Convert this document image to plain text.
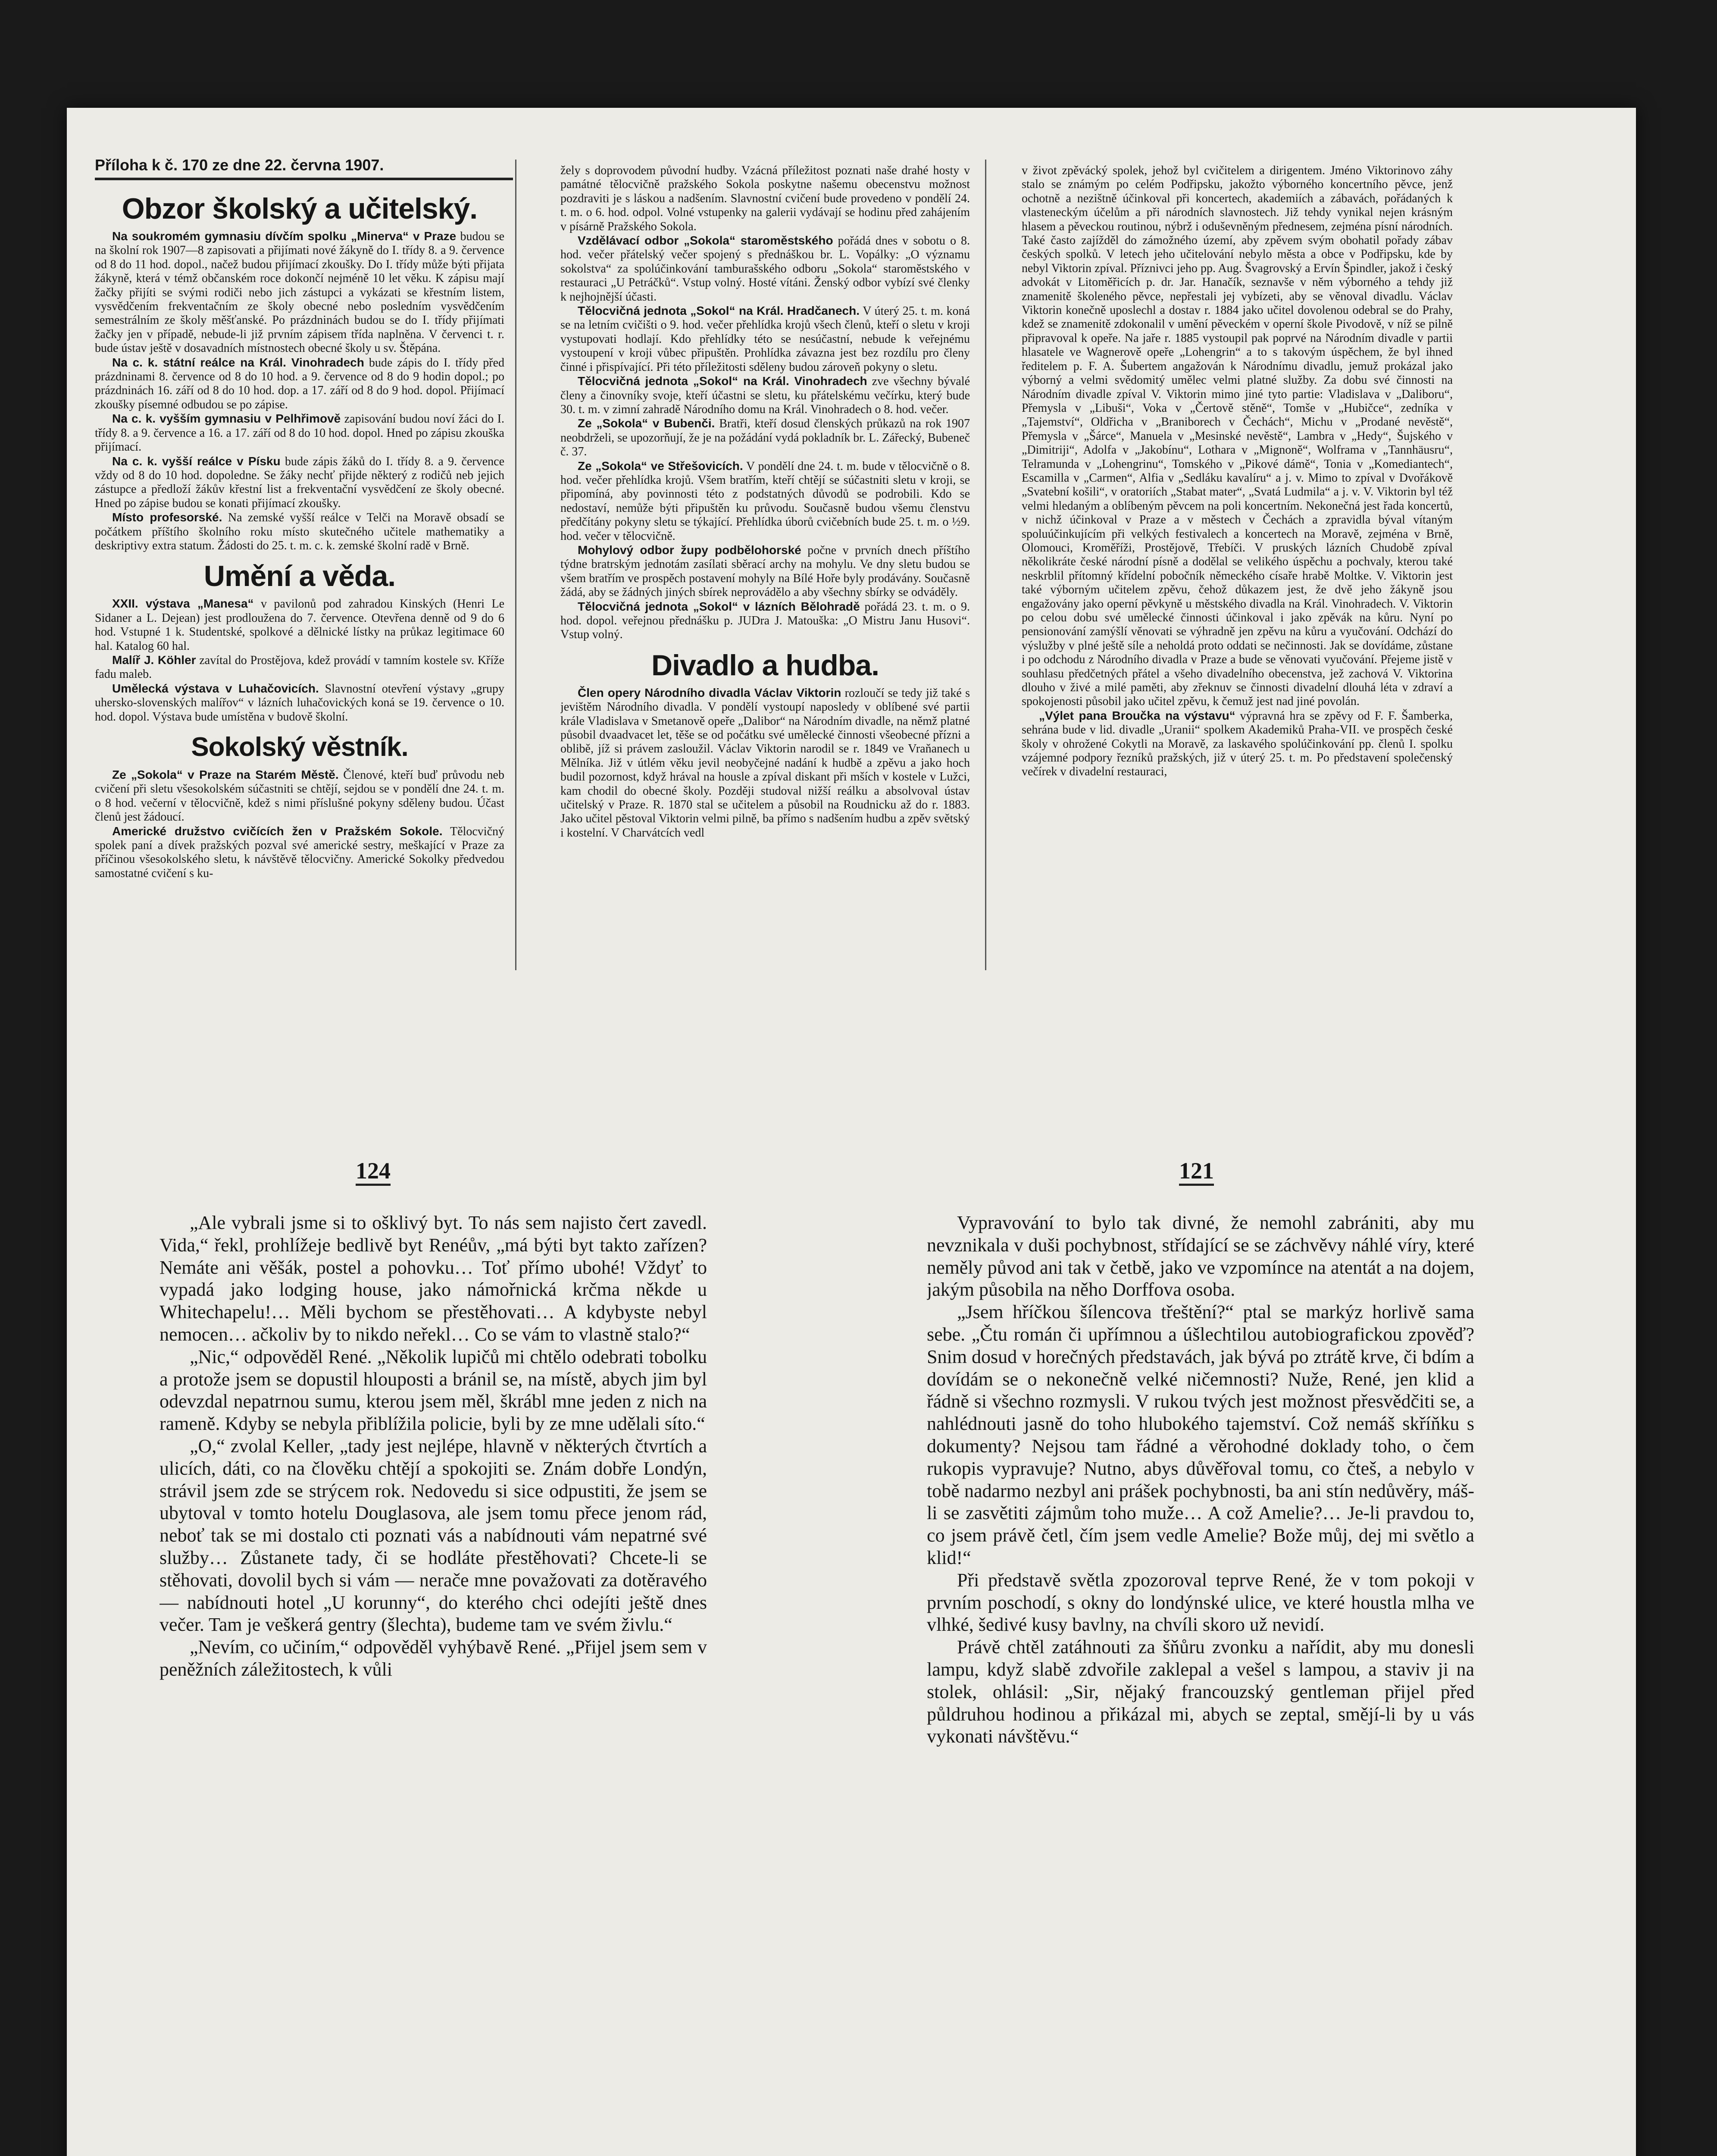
Příloha k č. 170 ze dne 22. června 1907.
Obzor školský a učitelský.

Na soukromém gymnasiu dívčím spolku „Minerva“ v Praze budou se na školní rok 1907—8 zapisovati a přijímati nové žákyně do I. třídy 8. a 9. července od 8 do 11 hod. dopol., načež budou přijímací zkoušky. Do I. třídy může býti přijata žákyně, která v témž občanském roce dokončí nejméně 10 let věku. K zápisu mají žačky přijíti se svými rodiči nebo jich zástupci a vykázati se křestním listem, vysvědčením frekventačním ze školy obecné nebo posledním vysvědčením semestrálním ze školy měšťanské. Po prázdninách budou se do I. třídy přijímati žačky jen v případě, nebude-li již prvním zápisem třída naplněna. V červenci t. r. bude ústav ještě v dosavadních místnostech obecné školy u sv. Štěpána.

Na c. k. státní reálce na Král. Vinohradech bude zápis do I. třídy před prázdninami 8. července od 8 do 10 hod. a 9. července od 8 do 9 hodin dopol.; po prázdninách 16. září od 8 do 10 hod. dop. a 17. září od 8 do 9 hod. dopol. Přijímací zkoušky písemné odbudou se po zápise.

Na c. k. vyšším gymnasiu v Pelhřimově zapisování budou noví žáci do I. třídy 8. a 9. července a 16. a 17. září od 8 do 10 hod. dopol. Hned po zápisu zkouška přijímací.

Na c. k. vyšší reálce v Písku bude zápis žáků do I. třídy 8. a 9. července vždy od 8 do 10 hod. dopoledne. Se žáky nechť přijde některý z rodičů neb jejich zástupce a předloží žákův křestní list a frekventační vysvědčení ze školy obecné. Hned po zápise budou se konati přijímací zkoušky.

Místo profesorské. Na zemské vyšší reálce v Telči na Moravě obsadí se počátkem příštího školního roku místo skutečného učitele mathematiky a deskriptivy extra statum. Žádosti do 25. t. m. c. k. zemské školní radě v Brně.

Umění a věda.

XXII. výstava „Manesa“ v pavilonů pod zahradou Kinských (Henri Le Sidaner a L. Dejean) jest prodloužena do 7. července. Otevřena denně od 9 do 6 hod. Vstupné 1 k. Studentské, spolkové a dělnické lístky na průkaz legitimace 60 hal. Katalog 60 hal.

Malíř J. Köhler zavítal do Prostějova, kdež provádí v tamním kostele sv. Kříže fadu maleb.

Umělecká výstava v Luhačovicích. Slavnostní otevření výstavy „grupy uhersko-slovenských malířov“ v lázních luhačovických koná se 19. července o 10. hod. dopol. Výstava bude umístěna v budově školní.

Sokolský věstník.

Ze „Sokola“ v Praze na Starém Městě. Členové, kteří buď průvodu neb cvičení při sletu všesokolském súčastniti se chtějí, sejdou se v pondělí dne 24. t. m. o 8 hod. večerní v tělocvičně, kdež s nimi příslušné pokyny sděleny budou. Účast členů jest žádoucí.

Americké družstvo cvičících žen v Pražském Sokole. Tělocvičný spolek paní a dívek pražských pozval své americké sestry, meškající v Praze za příčinou všesokolského sletu, k návštěvě tělocvičny. Americké Sokolky předvedou samostatné cvičení s ku-

žely s doprovodem původní hudby. Vzácná příležitost poznati naše drahé hosty v památné tělocvičně pražského Sokola poskytne našemu obecenstvu možnost pozdraviti je s láskou a nadšením. Slavnostní cvičení bude provedeno v pondělí 24. t. m. o 6. hod. odpol. Volné vstupenky na galerii vydávají se hodinu před zahájením v písárně Pražského Sokola.

Vzdělávací odbor „Sokola“ staroměstského pořádá dnes v sobotu o 8. hod. večer přátelský večer spojený s přednáškou br. L. Vopálky: „O významu sokolstva“ za spolúčinkování tamburašského odboru „Sokola“ staroměstského v restauraci „U Petráčků“. Vstup volný. Hosté vítáni. Ženský odbor vybízí své členky k nejhojnější účasti.

Tělocvičná jednota „Sokol“ na Král. Hradčanech. V úterý 25. t. m. koná se na letním cvičišti o 9. hod. večer přehlídka krojů všech členů, kteří o sletu v kroji vystupovati hodlají. Kdo přehlídky této se nesúčastní, nebude k veřejnému vystoupení v kroji vůbec připuštěn. Prohlídka závazna jest bez rozdílu pro členy činné i přispívající. Při této příležitosti sděleny budou zároveň pokyny o sletu.

Tělocvičná jednota „Sokol“ na Král. Vinohradech zve všechny bývalé členy a činovníky svoje, kteří účastni se sletu, ku přátelskému večírku, který bude 30. t. m. v zimní zahradě Národního domu na Král. Vinohradech o 8. hod. večer.

Ze „Sokola“ v Bubenči. Bratři, kteří dosud členských průkazů na rok 1907 neobdrželi, se upozorňují, že je na požádání vydá pokladník br. L. Zářecký, Bubeneč č. 37.

Ze „Sokola“ ve Střešovicích. V pondělí dne 24. t. m. bude v tělocvičně o 8. hod. večer přehlídka krojů. Všem bratřím, kteří chtějí se súčastniti sletu v kroji, se připomíná, aby povinnosti této z podstatných důvodů se podrobili. Kdo se nedostaví, nemůže býti připuštěn ku průvodu. Současně budou všemu členstvu předčítány pokyny sletu se týkající. Přehlídka úborů cvičebních bude 25. t. m. o ½9. hod. večer v tělocvičně.

Mohylový odbor župy podbělohorské počne v prvních dnech příštího týdne bratrským jednotám zasílati sběrací archy na mohylu. Ve dny sletu budou se všem bratřím ve prospěch postavení mohyly na Bílé Hoře byly prodávány. Současně žádá, aby se žádných jiných sbírek neprovádělo a aby všechny sbírky se odváděly.

Tělocvičná jednota „Sokol“ v lázních Bělohradě pořádá 23. t. m. o 9. hod. dopol. veřejnou přednášku p. JUDra J. Matouška: „O Mistru Janu Husovi“. Vstup volný.

Divadlo a hudba.

Člen opery Národního divadla Václav Viktorin rozloučí se tedy již také s jevištěm Národního divadla. V pondělí vystoupí naposledy v oblíbené své partii krále Vladislava v Smetanově opeře „Dalibor“ na Národním divadle, na němž platné působil dvaadvacet let, těše se od počátku své umělecké činnosti všeobecné přízni a oblibě, jíž si právem zasloužil. Václav Viktorin narodil se r. 1849 ve Vraňanech u Mělníka. Již v útlém věku jevil neobyčejné nadání k hudbě a zpěvu a jako hoch budil pozornost, když hrával na housle a zpíval diskant při mších v kostele v Lužci, kam chodil do obecné školy. Později studoval nižší reálku a absolvoval ústav učitelský v Praze. R. 1870 stal se učitelem a působil na Roudnicku až do r. 1883. Jako učitel pěstoval Viktorin velmi pilně, ba přímo s nadšením hudbu a zpěv světský i kostelní. V Charvátcích vedl

v život zpěvácký spolek, jehož byl cvičitelem a dirigentem. Jméno Viktorinovo záhy stalo se známým po celém Podřipsku, jakožto výborného koncertního pěvce, jenž ochotně a nezištně účinkoval při koncertech, akademiích a zábavách, pořádaných k vlasteneckým účelům a při národních slavnostech. Již tehdy vynikal nejen krásným hlasem a pěveckou routinou, nýbrž i oduševněným přednesem, zejména písní národních. Také často zajížděl do zámožného území, aby zpěvem svým obohatil pořady zábav českých spolků. V letech jeho učitelování nebylo města a obce v Podřipsku, kde by nebyl Viktorin zpíval. Příznivci jeho pp. Aug. Švagrovský a Ervín Špindler, jakož i český advokát v Litoměřicích p. dr. Jar. Hanačík, seznavše v něm výborného a tehdy již znamenitě školeného pěvce, nepřestali jej vybízeti, aby se věnoval divadlu. Václav Viktorin konečně uposlechl a dostav r. 1884 jako učitel dovolenou odebral se do Prahy, kdež se znamenitě zdokonalil v umění pěveckém v operní škole Pivodově, v níž se pilně připravoval k opeře. Na jaře r. 1885 vystoupil pak poprvé na Národním divadle v partii hlasatele ve Wagnerově opeře „Lohengrin“ a to s takovým úspěchem, že byl ihned ředitelem p. F. A. Šubertem angažován k Národnímu divadlu, jemuž prokázal jako výborný a velmi svědomitý umělec velmi platné služby. Za dobu své činnosti na Národním divadle zpíval V. Viktorin mimo jiné tyto partie: Vladislava v „Daliboru“, Přemysla v „Libuši“, Voka v „Čertově stěně“, Tomše v „Hubičce“, zedníka v „Tajemství“, Oldřicha v „Braniborech v Čechách“, Michu v „Prodané nevěstě“, Přemysla v „Šárce“, Manuela v „Mesinské nevěstě“, Lambra v „Hedy“, Šujského v „Dimitriji“, Adolfa v „Jakobínu“, Lothara v „Mignoně“, Wolframa v „Tannhäusru“, Telramunda v „Lohengrinu“, Tomského v „Pikové dámě“, Tonia v „Komediantech“, Escamilla v „Carmen“, Alfia v „Sedláku kavalíru“ a j. v. Mimo to zpíval v Dvořákově „Svatební košili“, v oratoriích „Stabat mater“, „Svatá Ludmila“ a j. v. V. Viktorin byl též velmi hledaným a oblíbeným pěvcem na poli koncertním. Nekonečná jest řada koncertů, v nichž účinkoval v Praze a v městech v Čechách a zpravidla býval vítaným spoluúčinkujícím při velkých festivalech a koncertech na Moravě, zejména v Brně, Olomouci, Kroměříži, Prostějově, Třebíči. V pruských lázních Chudobě zpíval několikráte české národní písně a dodělal se velikého úspěchu a pochvaly, kterou také neskrblil přítomný křídelní pobočník německého císaře hrabě Moltke. V. Viktorin jest také výborným učitelem zpěvu, čehož důkazem jest, že dvě jeho žákyně jsou engažovány jako operní pěvkyně u městského divadla na Král. Vinohradech. V. Viktorin po celou dobu své umělecké činnosti účinkoval i jako zpěvák na kůru. Nyní po pensionování zamýšlí věnovati se výhradně jen zpěvu na kůru a vyučování. Odchází do výslužby v plné ještě síle a neholdá proto oddati se nečinnosti. Jak se dovídáme, zůstane i po odchodu z Národního divadla v Praze a bude se věnovati vyučování. Přejeme jistě v souhlasu předčetných přátel a všeho divadelního obecenstva, jež zachová V. Viktorina dlouho v živé a milé paměti, aby zřeknuv se činnosti divadelní dlouhá léta v zdraví a spokojenosti působil jako učitel zpěvu, k čemuž jest nad jiné povolán.

„Výlet pana Broučka na výstavu“ výpravná hra se zpěvy od F. F. Šamberka, sehrána bude v lid. divadle „Uranii“ spolkem Akademiků Praha-VII. ve prospěch české školy v ohrožené Cokytli na Moravě, za laskavého spolúčinkování pp. členů I. spolku vzájemné podpory řezníků pražských, již v úterý 25. t. m. Po představení společenský večírek v divadelní restauraci,

124	121

„Ale vybrali jsme si to ošklivý byt. To nás sem najisto čert zavedl. Vida,“ řekl, prohlížeje bedlivě byt Renéův, „má býti byt takto zařízen? Nemáte ani věšák, postel a pohovku… Toť přímo ubohé! Vždyť to vypadá jako lodging house, jako námořnická krčma někde u Whitechapelu!… Měli bychom se přestěhovati… A kdybyste nebyl nemocen… ačkoliv by to nikdo neřekl… Co se vám to vlastně stalo?“

„Nic,“ odpověděl René. „Několik lupičů mi chtělo odebrati tobolku a protože jsem se dopustil hlouposti a bránil se, na místě, abych jim byl odevzdal nepatrnou sumu, kterou jsem měl, škrábl mne jeden z nich na rameně. Kdyby se nebyla přiblížila policie, byli by ze mne udělali síto.“

„O,“ zvolal Keller, „tady jest nejlépe, hlavně v některých čtvrtích a ulicích, dáti, co na člověku chtějí a spokojiti se. Znám dobře Londýn, strávil jsem zde se strýcem rok. Nedovedu si sice odpustiti, že jsem se ubytoval v tomto hotelu Douglasova, ale jsem tomu přece jenom rád, neboť tak se mi dostalo cti poznati vás a nabídnouti vám nepatrné své služby… Zůstanete tady, či se hodláte přestěhovati? Chcete-li se stěhovati, dovolil bych si vám — nerače mne považovati za dotěravého — nabídnouti hotel „U korunny“, do kterého chci odejíti ještě dnes večer. Tam je veškerá gentry (šlechta), budeme tam ve svém živlu.“

„Nevím, co učiním,“ odpověděl vyhýbavě René. „Přijel jsem sem v peněžních záležitostech, k vůli

Vypravování to bylo tak divné, že nemohl zabrániti, aby mu nevznikala v duši pochybnost, střídající se se záchvěvy náhlé víry, které neměly původ ani tak v četbě, jako ve vzpomínce na atentát a na dojem, jakým působila na něho Dorffova osoba.

„Jsem hříčkou šílencova třeštění?“ ptal se markýz horlivě sama sebe. „Čtu román či upřímnou a úšlechtilou autobiografickou zpověď? Snim dosud v horečných představách, jak bývá po ztrátě krve, či bdím a dovídám se o nekonečně velké ničemnosti? Nuže, René, jen klid a řádně si všechno rozmysli. V rukou tvých jest možnost přesvědčiti se, a nahlédnouti jasně do toho hlubokého tajemství. Což nemáš skříňku s dokumenty? Nejsou tam řádné a věrohodné doklady toho, o čem rukopis vypravuje? Nutno, abys důvěřoval tomu, co čteš, a nebylo v tobě nadarmo nezbyl ani prášek pochybnosti, ba ani stín nedůvěry, máš-li se zasvětiti zájmům toho muže… A což Amelie?… Je-li pravdou to, co jsem právě četl, čím jsem vedle Amelie? Bože můj, dej mi světlo a klid!“

Při představě světla zpozoroval teprve René, že v tom pokoji v prvním poschodí, s okny do londýnské ulice, ve které houstla mlha ve vlhké, šedivé kusy bavlny, na chvíli skoro už nevidí.

Právě chtěl zatáhnouti za šňůru zvonku a nařídit, aby mu donesli lampu, když slabě zdvořile zaklepal a vešel s lampou, a staviv ji na stolek, ohlásil: „Sir, nějaký francouzský gentleman přijel před půldruhou hodinou a přikázal mi, abych se zeptal, smějí-li by u vás vykonati návštěvu.“
